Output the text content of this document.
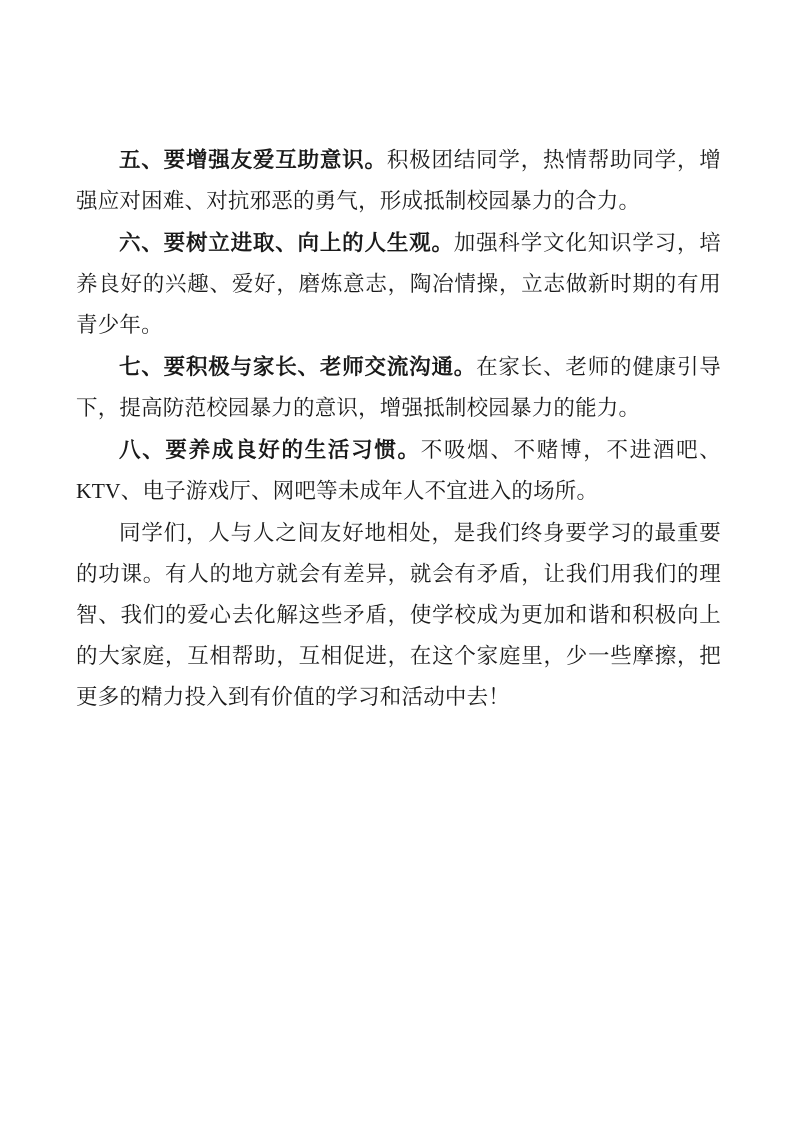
五、要增强友爱互助意识。积极团结同学，热情帮助同学，增强应对困难、对抗邪恶的勇气，形成抵制校园暴力的合力。

六、要树立进取、向上的人生观。加强科学文化知识学习，培养良好的兴趣、爱好，磨炼意志，陶冶情操，立志做新时期的有用青少年。

七、要积极与家长、老师交流沟通。在家长、老师的健康引导下，提高防范校园暴力的意识，增强抵制校园暴力的能力。

八、要养成良好的生活习惯。不吸烟、不赌博，不进酒吧、KTV、电子游戏厅、网吧等未成年人不宜进入的场所。

同学们，人与人之间友好地相处，是我们终身要学习的最重要的功课。有人的地方就会有差异，就会有矛盾，让我们用我们的理智、我们的爱心去化解这些矛盾，使学校成为更加和谐和积极向上的大家庭，互相帮助，互相促进，在这个家庭里，少一些摩擦，把更多的精力投入到有价值的学习和活动中去！
